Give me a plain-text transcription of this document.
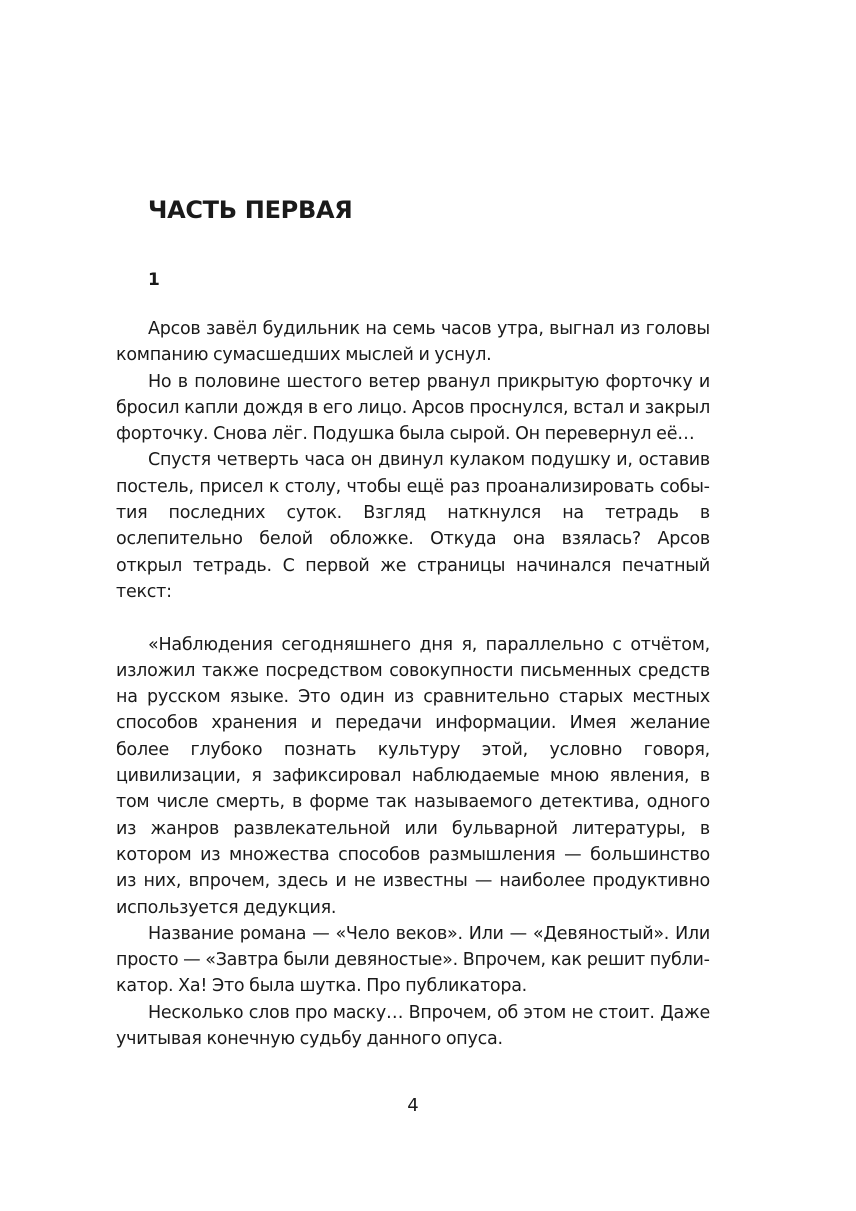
ЧАСТЬ ПЕРВАЯ
1

Арсов завёл будильник на семь часов утра, выгнал из головы компанию сумасшедших мыслей и уснул.

Но в половине шестого ветер рванул прикрытую форточку и бросил капли дождя в его лицо. Арсов проснулся, встал и закрыл форточку. Снова лёг. Подушка была сырой. Он перевернул её…

Спустя четверть часа он двинул кулаком подушку и, оставив постель, присел к столу, чтобы ещё раз проанализировать события последних суток. Взгляд наткнулся на тетрадь в ослепительно белой обложке. Откуда она взялась? Арсов открыл тетрадь. С первой же страницы начинался печатный текст:

«Наблюдения сегодняшнего дня я, параллельно с отчётом, изложил также посредством совокупности письменных средств на русском языке. Это один из сравнительно старых местных способов хранения и передачи информации. Имея желание более глубоко познать культуру этой, условно говоря, цивилизации, я зафиксировал наблюдаемые мною явления, в том числе смерть, в форме так называемого детектива, одного из жанров развлекательной или бульварной литературы, в котором из множества способов размышления — большинство из них, впрочем, здесь и не известны — наиболее продуктивно используется дедукция.

Название романа — «Чело веков». Или — «Девяностый». Или просто — «Завтра были девяностые». Впрочем, как решит публикатор. Ха! Это была шутка. Про публикатора.

Несколько слов про маску… Впрочем, об этом не стоит. Даже учитывая конечную судьбу данного опуса.

4
